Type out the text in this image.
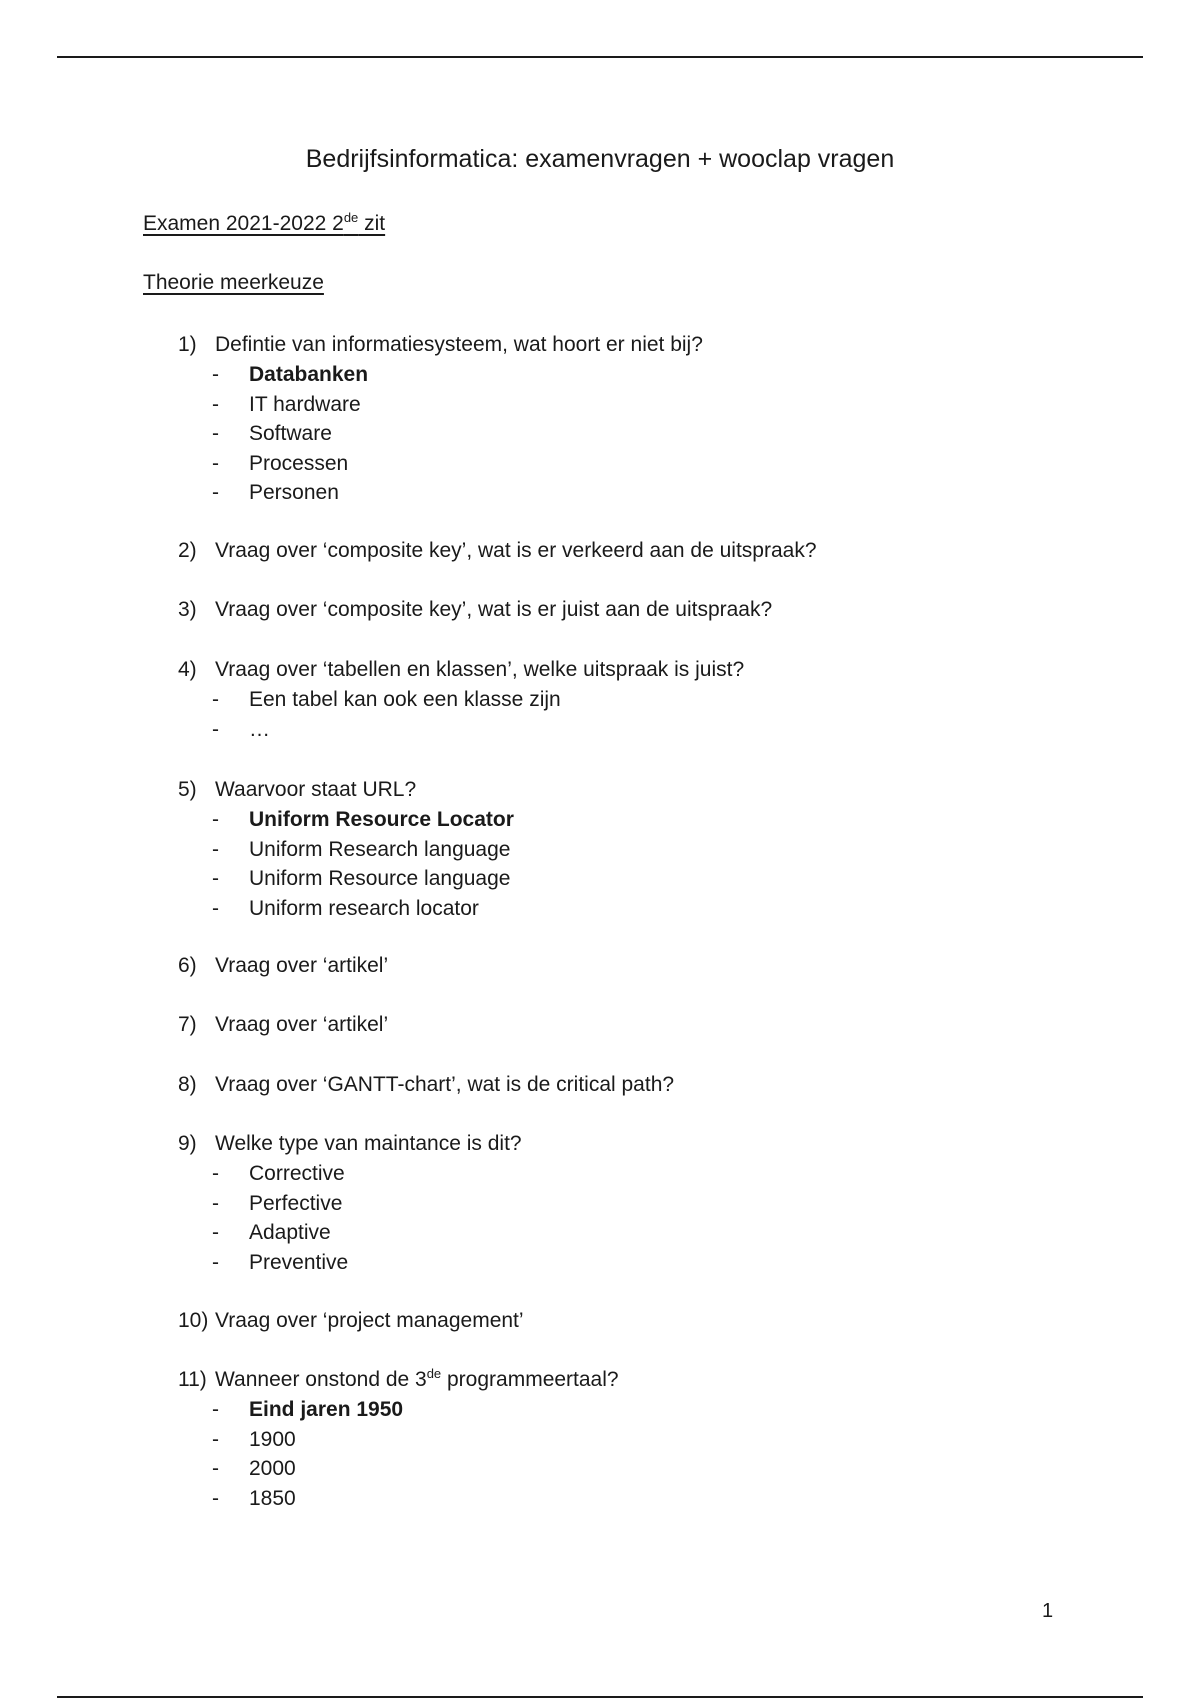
Bedrijfsinformatica: examenvragen + wooclap vragen
Examen 2021-2022 2de zit
Theorie meerkeuze
1) Defintie van informatiesysteem, wat hoort er niet bij?
- Databanken
- IT hardware
- Software
- Processen
- Personen
2) Vraag over ‘composite key’, wat is er verkeerd aan de uitspraak?
3) Vraag over ‘composite key’, wat is er juist aan de uitspraak?
4) Vraag over ‘tabellen en klassen’, welke uitspraak is juist?
- Een tabel kan ook een klasse zijn
- …
5) Waarvoor staat URL?
- Uniform Resource Locator
- Uniform Research language
- Uniform Resource language
- Uniform research locator
6) Vraag over ‘artikel’
7) Vraag over ‘artikel’
8) Vraag over ‘GANTT-chart’, wat is de critical path?
9) Welke type van maintance is dit?
- Corrective
- Perfective
- Adaptive
- Preventive
10) Vraag over ‘project management’
11) Wanneer onstond de 3de programmeertaal?
- Eind jaren 1950
- 1900
- 2000
- 1850
1
